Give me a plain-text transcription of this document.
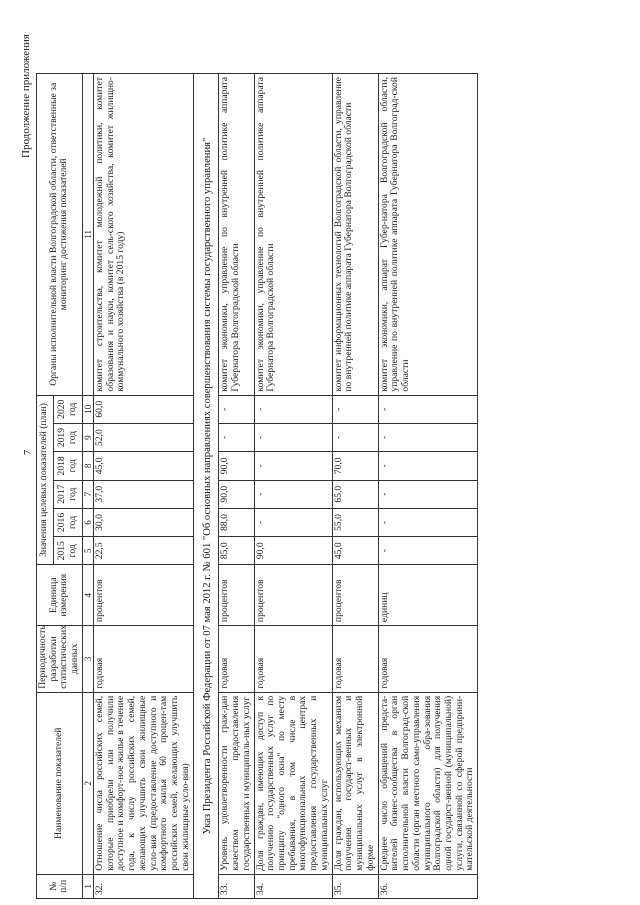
7
Продолжение приложения
№ п/п	Наименование показателей	Периодичность разработки статистических данных	Единица измерения	Значения целевых показателей (план)						Органы исполнительной власти Волгоградской области, ответственные за мониторинг достижения показателей
				2015 год	2016 год	2017 год	2018 год	2019 год	2020 год	
1	2	3	4	5	6	7	8	9	10	11
32.	Отношение числа российских семей, которые приобрели или получили доступное и комфорт-ное жилье в течение года, к числу российских семей, желающих улучшить свои жилищные усло-вия (предоставление доступного и комфортного жилья 60 процен-там российских семей, желающих улучшить свои жилищные усло-вия)	годовая	процентов	22,5	30,0	37,0	45,0	52,0	60,0	комитет строительства, комитет молодежной политики, комитет образования и науки, комитет сель-ского хозяйства, комитет жилищно-коммунального хозяйства (в 2015 году)
Указ Президента Российской Федерации от 07 мая 2012 г. № 601 "Об основных направлениях совершенствования системы государственного управления"										
33.	Уровень удовлетворенности граж-дан качеством предоставления государственных и муниципаль-ных услуг	годовая	процентов	85,0	88,0	90,0	90,0	-	-	комитет экономики, управление по внутренней политике аппарата Губернатора Волгоградской области
34.	Доля граждан, имеющих доступ к получению государственных услуг по принципу "одного окна" по месту пребывания, в том числе в многофункциональных центрах предоставления государственных и муниципальных услуг	годовая	процентов	90,0	-	-	-	-	-	комитет экономики, управление по внутренней политике аппарата Губернатора Волгоградской области
35.	Доля граждан, использующих механизм получения государст-венных и муниципальных услуг в электронной форме	годовая	процентов	45,0	55,0	65,0	70,0	-	-	комитет информационных технологий Волгоградской области, управление по внутренней политике аппарата Губернатора Волгоградской области
36.	Среднее число обращений предста-вителей бизнес-сообщества в орган исполнительной власти Волгоград-ской области (орган местного само-управления муниципального обра-зования Волгоградской области) для получения одной государст-венной (муниципальной) услуги, связанной со сферой предприни-мательской деятельности	годовая	единиц	-	-	-	-	-	-	комитет экономики, аппарат Губер-натора Волгоградской области, управление по внутренней политике аппарата Губернатора Волгоград-ской области
